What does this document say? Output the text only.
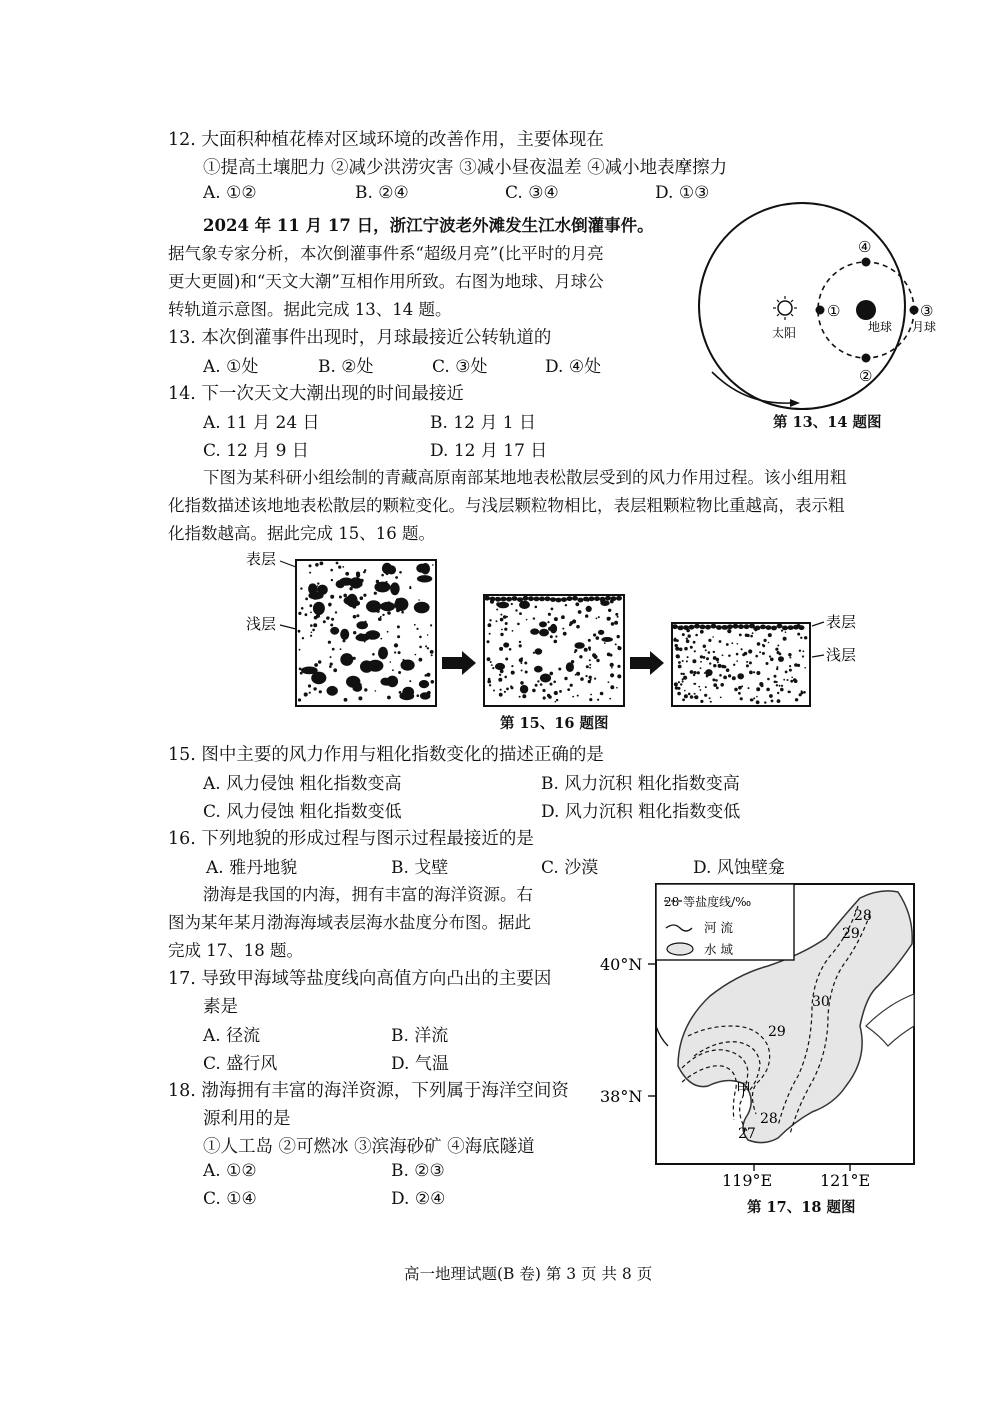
12. 大面积种植花棒对区域环境的改善作用，主要体现在
①提高土壤肥力 ②减少洪涝灾害 ③减小昼夜温差 ④减小地表摩擦力
A. ①②	B. ②④	C. ③④	D. ①③
2024 年 11 月 17 日，浙江宁波老外滩发生江水倒灌事件。
据气象专家分析，本次倒灌事件系“超级月亮”(比平时的月亮
更大更圆)和“天文大潮”互相作用所致。右图为地球、月球公
转轨道示意图。据此完成 13、14 题。
13. 本次倒灌事件出现时，月球最接近公转轨道的
A. ①处	B. ②处	C. ③处	D. ④处
14. 下一次天文大潮出现的时间最接近
A. 11 月 24 日	B. 12 月 1 日
C. 12 月 9 日	D. 12 月 17 日
太阳	地球
①
②
③
月球
④
第 13、14 题图
下图为某科研小组绘制的青藏高原南部某地地表松散层受到的风力作用过程。该小组用粗
化指数描述该地地表松散层的颗粒变化。与浅层颗粒物相比，表层粗颗粒物比重越高，表示粗
化指数越高。据此完成 15、16 题。
表层
浅层	表层
浅层
第 15、16 题图
15. 图中主要的风力作用与粗化指数变化的描述正确的是
A. 风力侵蚀 粗化指数变高	B. 风力沉积 粗化指数变高
C. 风力侵蚀 粗化指数变低	D. 风力沉积 粗化指数变低
16. 下列地貌的形成过程与图示过程最接近的是
A. 雅丹地貌	B. 戈壁	C. 沙漠	D. 风蚀壁龛
渤海是我国的内海，拥有丰富的海洋资源。右
图为某年某月渤海海域表层海水盐度分布图。据此
完成 17、18 题。
17. 导致甲海域等盐度线向高值方向凸出的主要因
素是
A. 径流	B. 洋流
C. 盛行风	D. 气温
18. 渤海拥有丰富的海洋资源，下列属于海洋空间资
源利用的是
①人工岛 ②可燃冰 ③滨海砂矿 ④海底隧道
A. ①②	B. ②③
C. ①④	D. ②④
28 等盐度线/‰
河 流
水 域
28
29
30
29
28
27
甲
40°N
38°N
119°E	121°E
第 17、18 题图
高一地理试题(B 卷) 第 3 页 共 8 页
